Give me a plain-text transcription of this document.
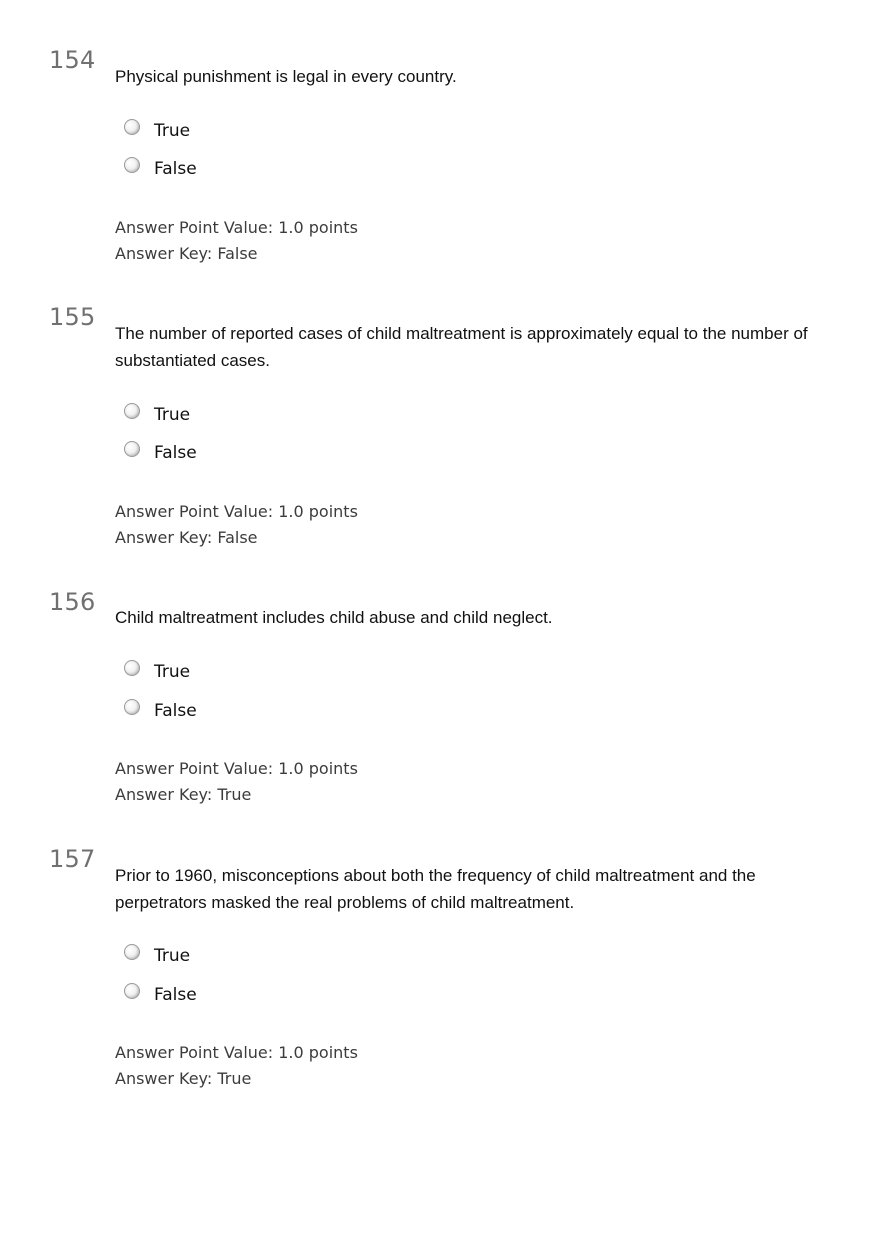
154
Physical punishment is legal in every country.
True
False
Answer Point Value: 1.0 points
Answer Key: False
155
The number of reported cases of child maltreatment is approximately equal to the number of substantiated cases.
True
False
Answer Point Value: 1.0 points
Answer Key: False
156
Child maltreatment includes child abuse and child neglect.
True
False
Answer Point Value: 1.0 points
Answer Key: True
157
Prior to 1960, misconceptions about both the frequency of child maltreatment and the perpetrators masked the real problems of child maltreatment.
True
False
Answer Point Value: 1.0 points
Answer Key: True
